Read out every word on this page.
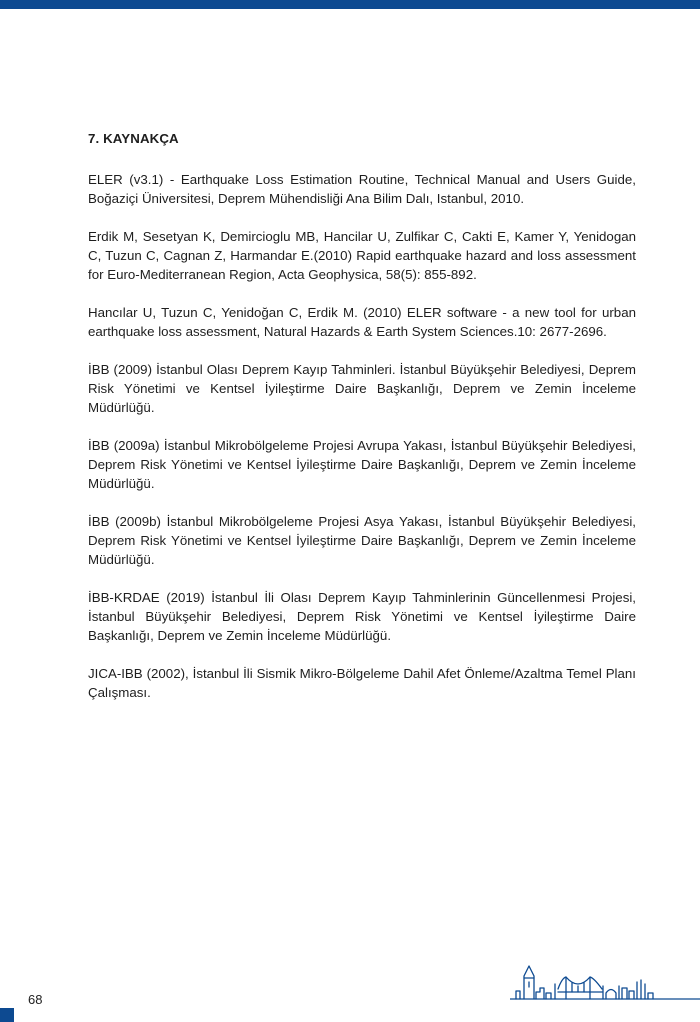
7. KAYNAKÇA

ELER (v3.1) - Earthquake Loss Estimation Routine, Technical Manual and Users Guide, Boğaziçi Üniversitesi, Deprem Mühendisliği Ana Bilim Dalı, Istanbul, 2010.

Erdik M, Sesetyan K, Demircioglu MB, Hancilar U, Zulfikar C, Cakti E, Kamer Y, Yenidogan C, Tuzun C, Cagnan Z, Harmandar E.(2010) Rapid earthquake hazard and loss assessment for Euro-Mediterranean Region, Acta Geophysica, 58(5): 855-892.

Hancılar U, Tuzun C, Yenidoğan C, Erdik M. (2010) ELER software - a new tool for urban earthquake loss assessment, Natural Hazards & Earth System Sciences.10: 2677-2696.

İBB (2009) İstanbul Olası Deprem Kayıp Tahminleri. İstanbul Büyükşehir Belediyesi, Deprem Risk Yönetimi ve Kentsel İyileştirme Daire Başkanlığı, Deprem ve Zemin İnceleme Müdürlüğü.

İBB (2009a) İstanbul Mikrobölgeleme Projesi Avrupa Yakası, İstanbul Büyükşehir Belediyesi, Deprem Risk Yönetimi ve Kentsel İyileştirme Daire Başkanlığı, Deprem ve Zemin İnceleme Müdürlüğü.

İBB (2009b) İstanbul Mikrobölgeleme Projesi Asya Yakası, İstanbul Büyükşehir Belediyesi, Deprem Risk Yönetimi ve Kentsel İyileştirme Daire Başkanlığı, Deprem ve Zemin İnceleme Müdürlüğü.

İBB-KRDAE (2019) İstanbul İli Olası Deprem Kayıp Tahminlerinin Güncellenmesi Projesi, İstanbul Büyükşehir Belediyesi, Deprem Risk Yönetimi ve Kentsel İyileştirme Daire Başkanlığı, Deprem ve Zemin İnceleme Müdürlüğü.

JICA-IBB (2002), İstanbul İli Sismik Mikro-Bölgeleme Dahil Afet Önleme/Azaltma Temel Planı Çalışması.

68
